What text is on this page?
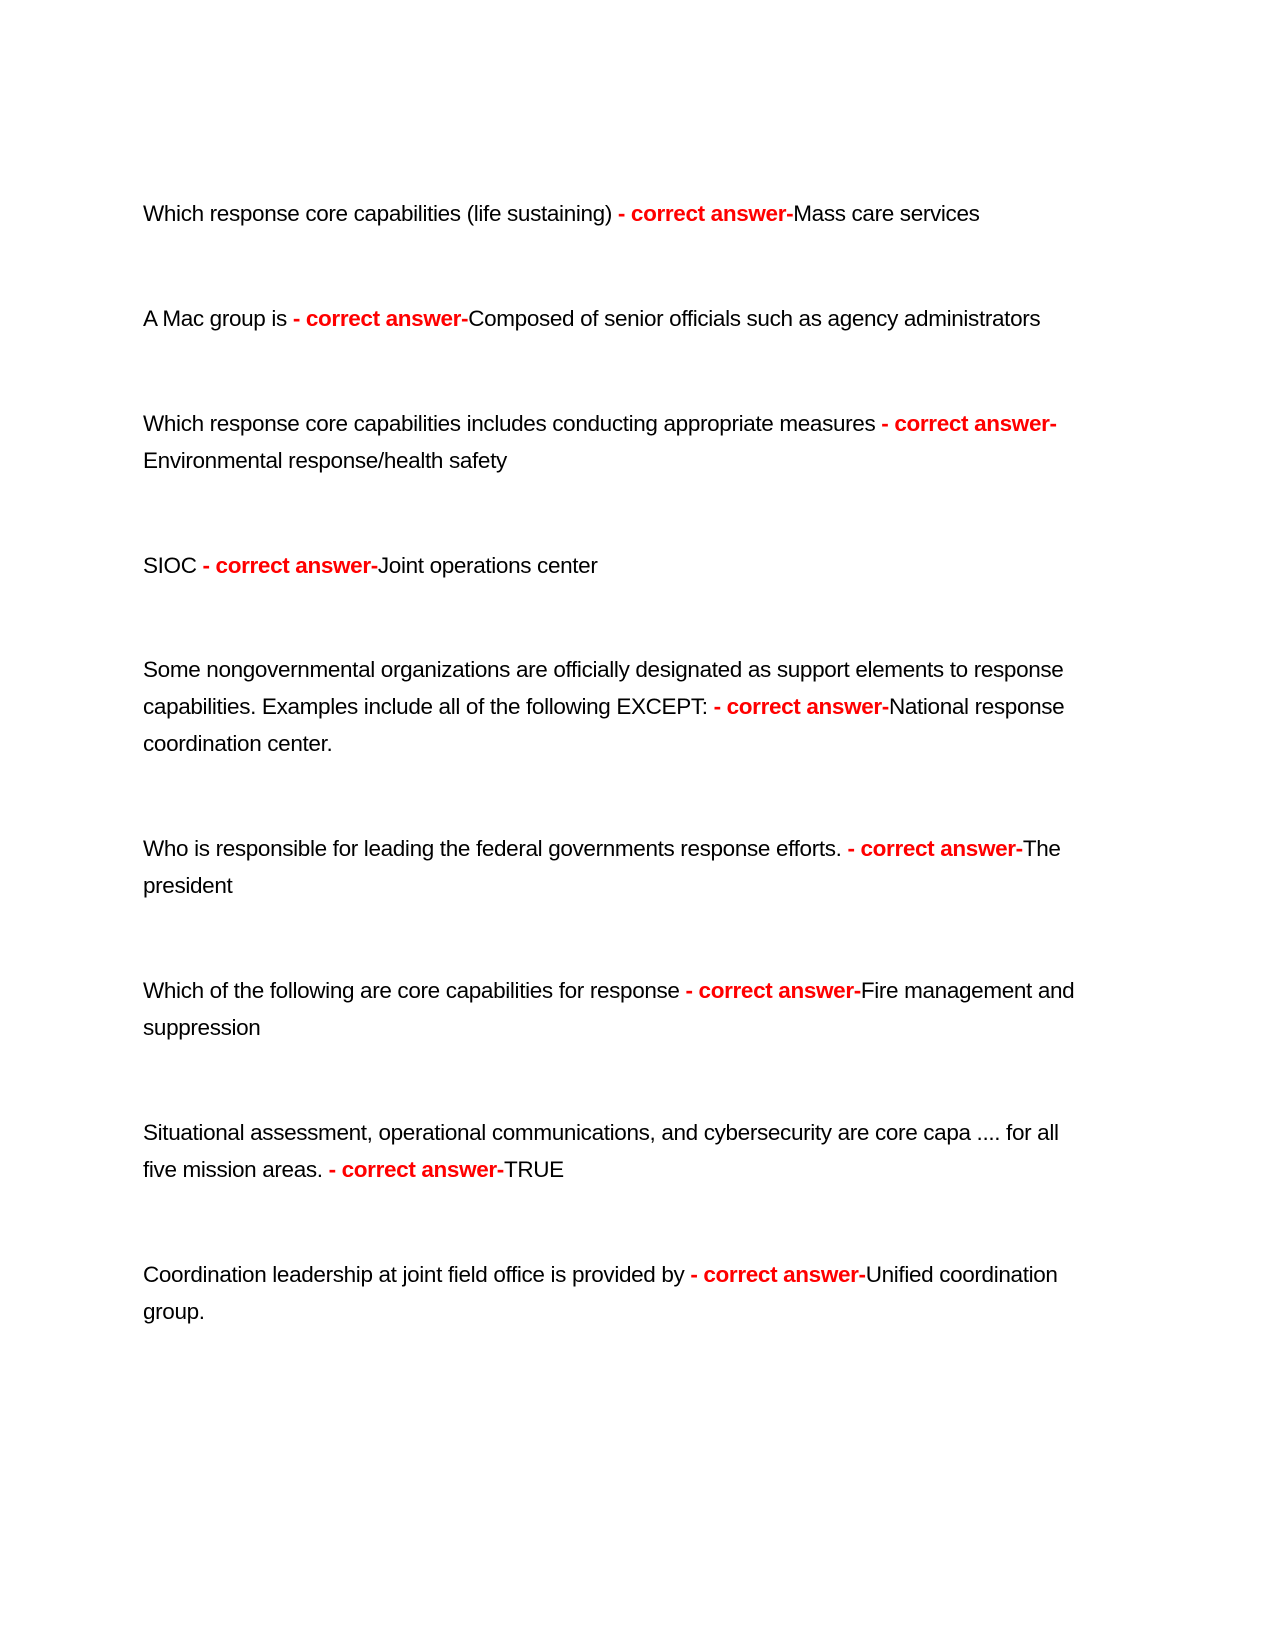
Which response core capabilities (life sustaining) - correct answer-Mass care services

A Mac group is - correct answer-Composed of senior officials such as agency administrators

Which response core capabilities includes conducting appropriate measures - correct answer-Environmental response/health safety

SIOC - correct answer-Joint operations center

Some nongovernmental organizations are officially designated as support elements to response capabilities. Examples include all of the following EXCEPT: - correct answer-National response coordination center.

Who is responsible for leading the federal governments response efforts. - correct answer-The president

Which of the following are core capabilities for response - correct answer-Fire management and suppression

Situational assessment, operational communications, and cybersecurity are core capa .... for all five mission areas. - correct answer-TRUE

Coordination leadership at joint field office is provided by - correct answer-Unified coordination group.
